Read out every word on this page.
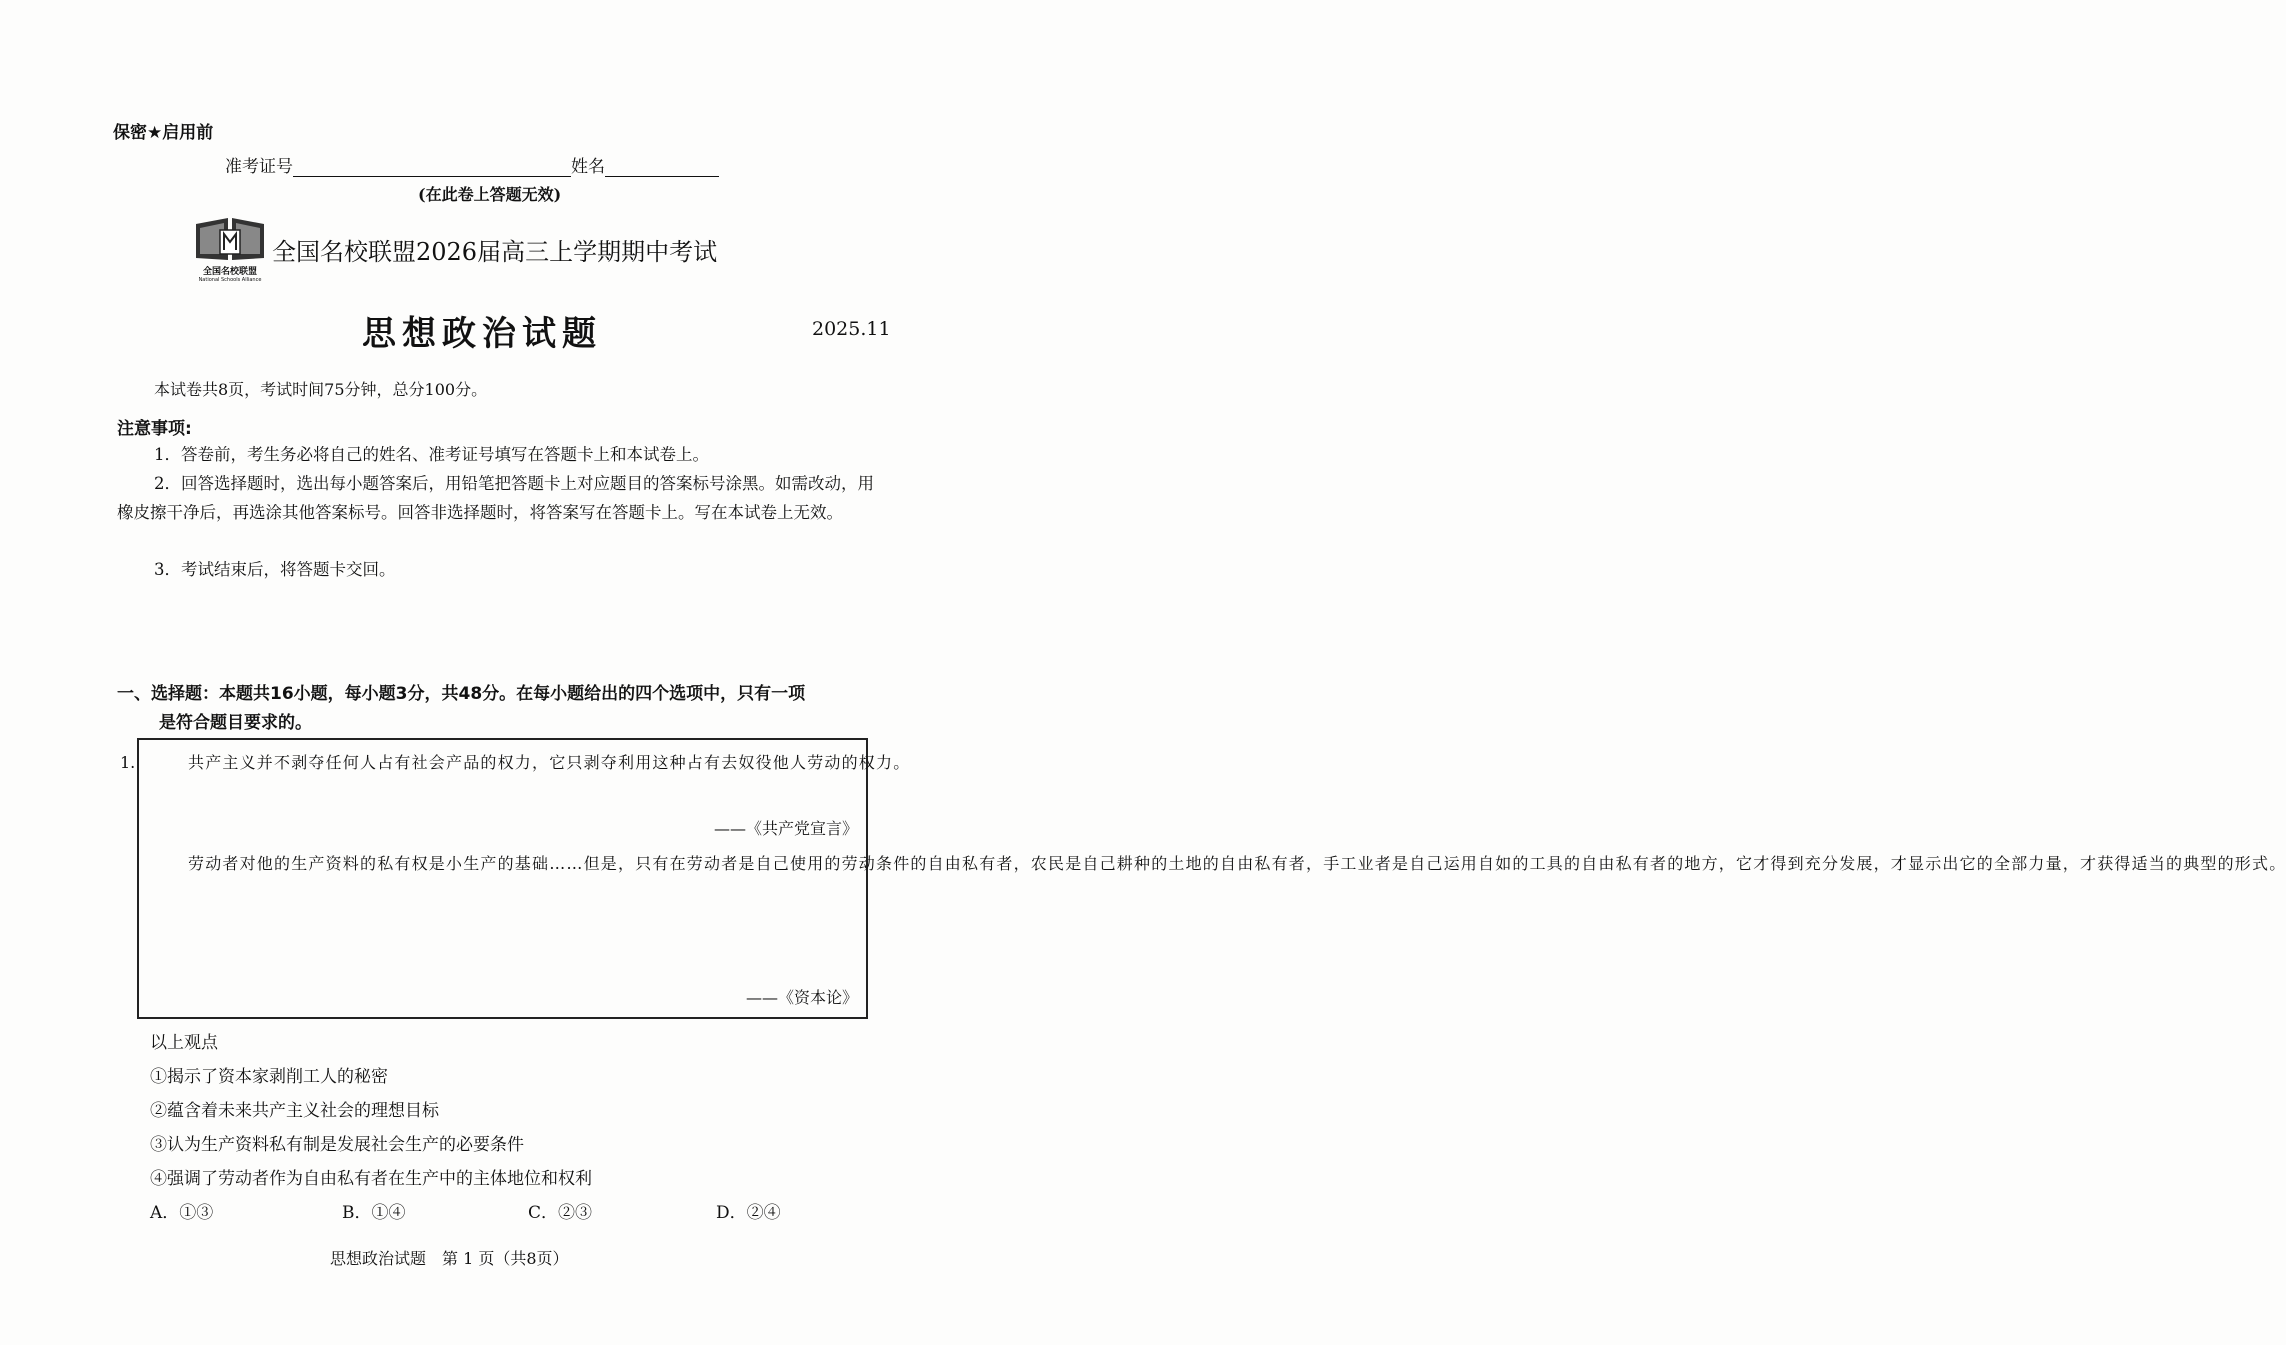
保密★启用前
准考证号	姓名
(在此卷上答题无效)
全国名校联盟
National Schools Alliance
全国名校联盟2026届高三上学期期中考试
思想政治试题	2025.11
本试卷共8页，考试时间75分钟，总分100分。
注意事项:
1．答卷前，考生务必将自己的姓名、准考证号填写在答题卡上和本试卷上。
2．回答选择题时，选出每小题答案后，用铅笔把答题卡上对应题目的答案标号涂黑。如需改动，用橡皮擦干净后，再选涂其他答案标号。回答非选择题时，将答案写在答题卡上。写在本试卷上无效。
3．考试结束后，将答题卡交回。
一、选择题：本题共16小题，每小题3分，共48分。在每小题给出的四个选项中，只有一项
是符合题目要求的。
1.	共产主义并不剥夺任何人占有社会产品的权力，它只剥夺利用这种占有去奴役他人劳动的权力。

——《共产党宣言》

劳动者对他的生产资料的私有权是小生产的基础……但是，只有在劳动者是自己使用的劳动条件的自由私有者，农民是自己耕种的土地的自由私有者，手工业者是自己运用自如的工具的自由私有者的地方，它才得到充分发展，才显示出它的全部力量，才获得适当的典型的形式。

——《资本论》
以上观点
①揭示了资本家剥削工人的秘密
②蕴含着未来共产主义社会的理想目标
③认为生产资料私有制是发展社会生产的必要条件
④强调了劳动者作为自由私有者在生产中的主体地位和权利
A．①③	B．①④	C．②③	D．②④
思想政治试题　第 1 页（共8页）
